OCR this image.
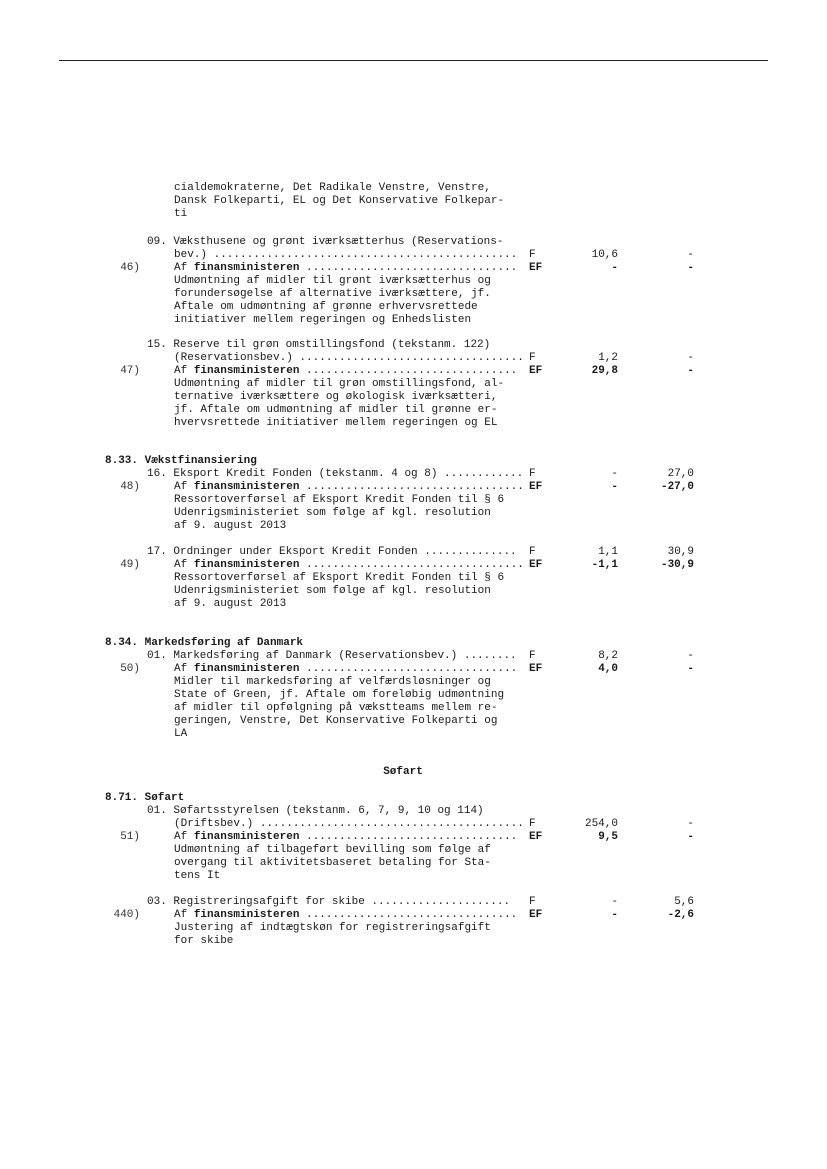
cialdemokraterne, Det Radikale Venstre, Venstre,
Dansk Folkeparti, EL og Det Konservative Folkepar-
ti
09. Væksthusene og grønt iværksætterhus (Reservations-
bev.) .............................................. F	10,6	-
46)	Af finansministeren ................................ EF	-	-
Udmøntning af midler til grønt iværksætterhus og
forundersøgelse af alternative iværksættere, jf.
Aftale om udmøntning af grønne erhvervsrettede
initiativer mellem regeringen og Enhedslisten
15. Reserve til grøn omstillingsfond (tekstanm. 122)
(Reservationsbev.) .................................. F	1,2	-
47)	Af finansministeren ................................ EF	29,8	-
Udmøntning af midler til grøn omstillingsfond, al-
ternative iværksættere og økologisk iværksætteri,
jf. Aftale om udmøntning af midler til grønne er-
hvervsrettede initiativer mellem regeringen og EL
8.33. Vækstfinansiering
16. Eksport Kredit Fonden (tekstanm. 4 og 8) ............ F	-	27,0
48)	Af finansministeren ................................. EF	-	-27,0
Ressortoverførsel af Eksport Kredit Fonden til § 6
Udenrigsministeriet som følge af kgl. resolution
af 9. august 2013
17. Ordninger under Eksport Kredit Fonden .............. F	1,1	30,9
49)	Af finansministeren ................................. EF	-1,1	-30,9
Ressortoverførsel af Eksport Kredit Fonden til § 6
Udenrigsministeriet som følge af kgl. resolution
af 9. august 2013
8.34. Markedsføring af Danmark
01. Markedsføring af Danmark (Reservationsbev.) ........ F	8,2	-
50)	Af finansministeren ................................ EF	4,0	-
Midler til markedsføring af velfærdsløsninger og
State of Green, jf. Aftale om foreløbig udmøntning
af midler til opfølgning på vækstteams mellem re-
geringen, Venstre, Det Konservative Folkeparti og
LA
Søfart
8.71. Søfart
01. Søfartsstyrelsen (tekstanm. 6, 7, 9, 10 og 114)
(Driftsbev.) ........................................ F	254,0	-
51)	Af finansministeren ................................ EF	9,5	-
Udmøntning af tilbageført bevilling som følge af
overgang til aktivitetsbaseret betaling for Sta-
tens It
03. Registreringsafgift for skibe ..................... F	-	5,6
440)	Af finansministeren ................................ EF	-	-2,6
Justering af indtægtskøn for registreringsafgift
for skibe
